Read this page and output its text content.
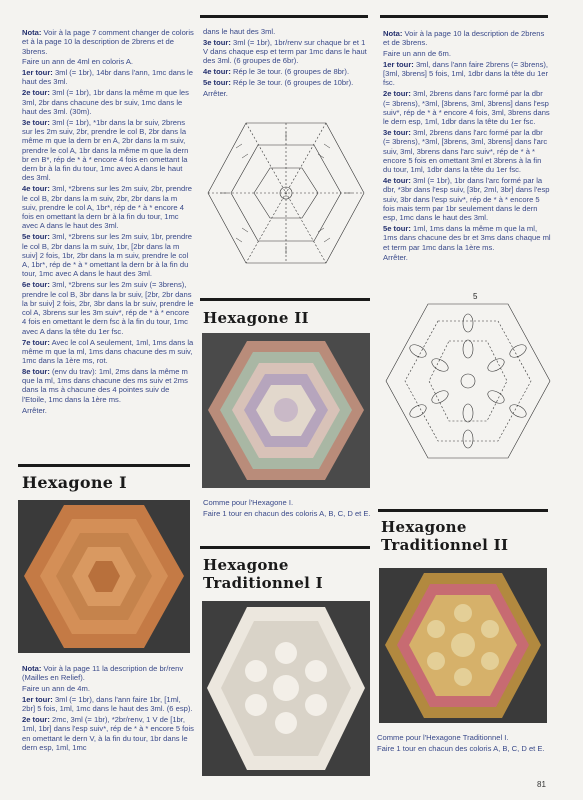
Nota: Voir à la page 7 comment changer de coloris et à la page 10 la description de 2brens et de 3brens.

Faire un ann de 4ml en coloris A.

1er tour: 3ml (= 1br), 14br dans l'ann, 1mc dans le haut des 3ml.

2e tour: 3ml (= 1br), 1br dans la même m que les 3ml, 2br dans chacune des br suiv, 1mc dans le haut des 3ml. (30m).

3e tour: 3ml (= 1br), *1br dans la br suiv, 2brens sur les 2m suiv, 2br, prendre le col B, 2br dans la même m que la dern br en A, 2br dans la m suiv, prendre le col A, 1br dans la même m que la dern br en B*, rép de * à * encore 4 fois en omettant la dern br à la fin du tour, 1mc avec A dans le haut des 3ml.

4e tour: 3ml, *2brens sur les 2m suiv, 2br, prendre le col B, 2br dans la m suiv, 2br, 2br dans la m suiv, prendre le col A, 1br*, rép de * à * encore 4 fois en omettant la dern br à la fin du tour, 1mc avec A dans le haut des 3ml.

5e tour: 3ml, *2brens sur les 2m suiv, 1br, prendre le col B, 2br dans la m suiv, 1br, [2br dans la m suiv] 2 fois, 1br, 2br dans la m suiv, prendre le col A, 1br*, rép de * à * omettant la dern br à la fin du tour, 1mc avec A dans le haut des 3ml.

6e tour: 3ml, *2brens sur les 2m suiv (= 3brens), prendre le col B, 3br dans la br suiv, [2br, 2br dans la br suiv] 2 fois, 2br, 3br dans la br suiv, prendre le col A, 3brens sur les 3m suiv*, rép de * à * encore 4 fois en omettant le dern fsc à la fin du tour, 1mc avec A dans la tête du 1er fsc.

7e tour: Avec le col A seulement, 1ml, 1ms dans la même m que la ml, 1ms dans chacune des m suiv, 1mc dans la 1ère ms, rot.

8e tour: (env du trav): 1ml, 2ms dans la même m que la ml, 1ms dans chacune des ms suiv et 2ms dans la ms à chacune des 4 pointes suiv de l'Etoile, 1mc dans la 1ère ms.

Arrêter.

dans le haut des 3ml.

3e tour: 3ml (= 1br), 1br/renv sur chaque br et 1 V dans chaque esp et term par 1mc dans le haut des 3ml. (6 groupes de 6br).

4e tour: Rép le 3e tour. (6 groupes de 8br).

5e tour: Rép le 3e tour. (6 groupes de 10br).

Arrêter.

Hexagone II

Comme pour l'Hexagone I.

Faire 1 tour en chacun des coloris A, B, C, D et E.

Hexagone
Traditionnel I
Hexagone I

Nota: Voir à la page 11 la description de br/renv (Mailles en Relief).

Faire un ann de 4m.

1er tour: 3ml (= 1br), dans l'ann faire 1br, [1ml, 2br] 5 fois, 1ml, 1mc dans le haut des 3ml. (6 esp).

2e tour: 2mc, 3ml (= 1br), *2br/renv, 1 V de [1br, 1ml, 1br] dans l'esp suiv*, rép de * à * encore 5 fois en omettant le dern V, à la fin du tour, 1br dans le dern esp, 1ml, 1mc

Nota: Voir à la page 10 la description de 2brens et de 3brens.

Faire un ann de 6m.

1er tour: 3ml, dans l'ann faire 2brens (= 3brens), [3ml, 3brens] 5 fois, 1ml, 1dbr dans la tête du 1er fsc.

2e tour: 3ml, 2brens dans l'arc formé par la dbr (= 3brens), *3ml, [3brens, 3ml, 3brens] dans l'esp suiv*, rép de * à * encore 4 fois, 3ml, 3brens dans le dern esp, 1ml, 1dbr dans la tête du 1er fsc.

3e tour: 3ml, 2brens dans l'arc formé par la dbr (= 3brens), *3ml, [3brens, 3ml, 3brens] dans l'arc suiv, 3ml, 3brens dans l'arc suiv*, rép de * à * encore 5 fois en omettant 3ml et 3brens à la fin du tour, 1ml, 1dbr dans la tête du 1er fsc.

4e tour: 3ml (= 1br), 1br dans l'arc formé par la dbr, *3br dans l'esp suiv, [3br, 2ml, 3br] dans l'esp suiv, 3br dans l'esp suiv*, rép de * à * encore 5 fois mais term par 1br seulement dans le dern esp, 1mc dans le haut des 3ml.

5e tour: 1ml, 1ms dans la même m que la ml, 1ms dans chacune des br et 3ms dans chaque ml et term par 1mc dans la 1ère ms.

Arrêter.

5
Hexagone
Traditionnel II

Comme pour l'Hexagone Traditionnel I.

Faire 1 tour en chacun des coloris A, B, C, D et E.

81
